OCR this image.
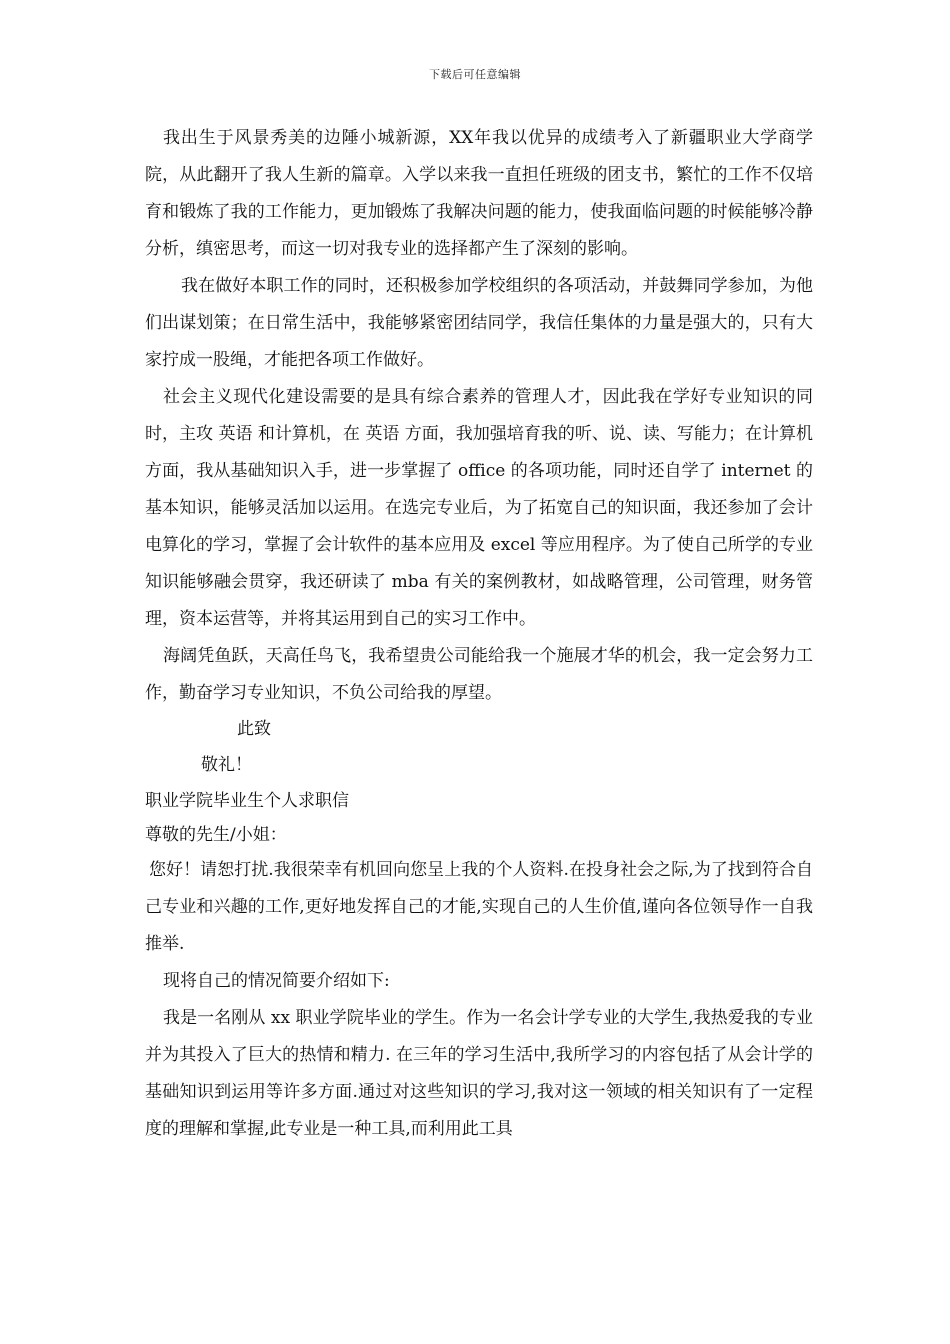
下载后可任意编辑

我出生于风景秀美的边陲小城新源，XX年我以优异的成绩考入了新疆职业大学商学院，从此翻开了我人生新的篇章。入学以来我一直担任班级的团支书，繁忙的工作不仅培育和锻炼了我的工作能力，更加锻炼了我解决问题的能力，使我面临问题的时候能够冷静分析，缜密思考，而这一切对我专业的选择都产生了深刻的影响。

我在做好本职工作的同时，还积极参加学校组织的各项活动，并鼓舞同学参加，为他们出谋划策；在日常生活中，我能够紧密团结同学，我信任集体的力量是强大的，只有大家拧成一股绳，才能把各项工作做好。

社会主义现代化建设需要的是具有综合素养的管理人才，因此我在学好专业知识的同时，主攻 英语 和计算机，在 英语 方面，我加强培育我的听、说、读、写能力；在计算机方面，我从基础知识入手，进一步掌握了 office 的各项功能，同时还自学了 internet 的基本知识，能够灵活加以运用。在选完专业后，为了拓宽自己的知识面，我还参加了会计电算化的学习，掌握了会计软件的基本应用及 excel 等应用程序。为了使自己所学的专业知识能够融会贯穿，我还研读了 mba 有关的案例教材，如战略管理，公司管理，财务管理，资本运营等，并将其运用到自己的实习工作中。

海阔凭鱼跃，天高任鸟飞，我希望贵公司能给我一个施展才华的机会，我一定会努力工作，勤奋学习专业知识，不负公司给我的厚望。

此致

敬礼！

职业学院毕业生个人求职信

尊敬的先生/小姐：

您好！请恕打扰.我很荣幸有机回向您呈上我的个人资料.在投身社会之际,为了找到符合自己专业和兴趣的工作,更好地发挥自己的才能,实现自己的人生价值,谨向各位领导作一自我推举.

现将自己的情况简要介绍如下:

我是一名刚从 xx 职业学院毕业的学生。作为一名会计学专业的大学生,我热爱我的专业并为其投入了巨大的热情和精力. 在三年的学习生活中,我所学习的内容包括了从会计学的基础知识到运用等许多方面.通过对这些知识的学习,我对这一领域的相关知识有了一定程度的理解和掌握,此专业是一种工具,而利用此工具
